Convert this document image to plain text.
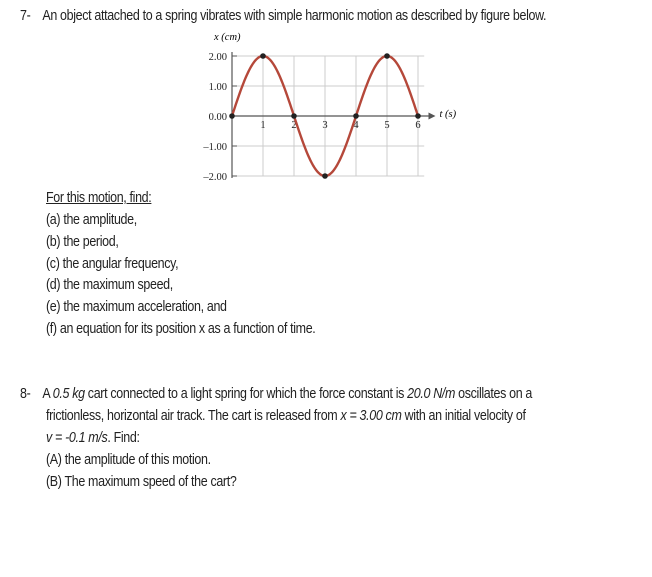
7- An object attached to a spring vibrates with simple harmonic motion as described by figure below.
2.00
1.00
0.00
–1.00
–2.00
1 2 3 4 5 6
x (cm)
t (s)
For this motion, find:
(a) the amplitude,
(b) the period,
(c) the angular frequency,
(d) the maximum speed,
(e) the maximum acceleration, and
(f) an equation for its position x as a function of time.
8- A 0.5 kg cart connected to a light spring for which the force constant is 20.0 N/m oscillates on a
frictionless, horizontal air track. The cart is released from x = 3.00 cm with an initial velocity of
v = -0.1 m/s. Find:
(A) the amplitude of this motion.
(B) The maximum speed of the cart?
